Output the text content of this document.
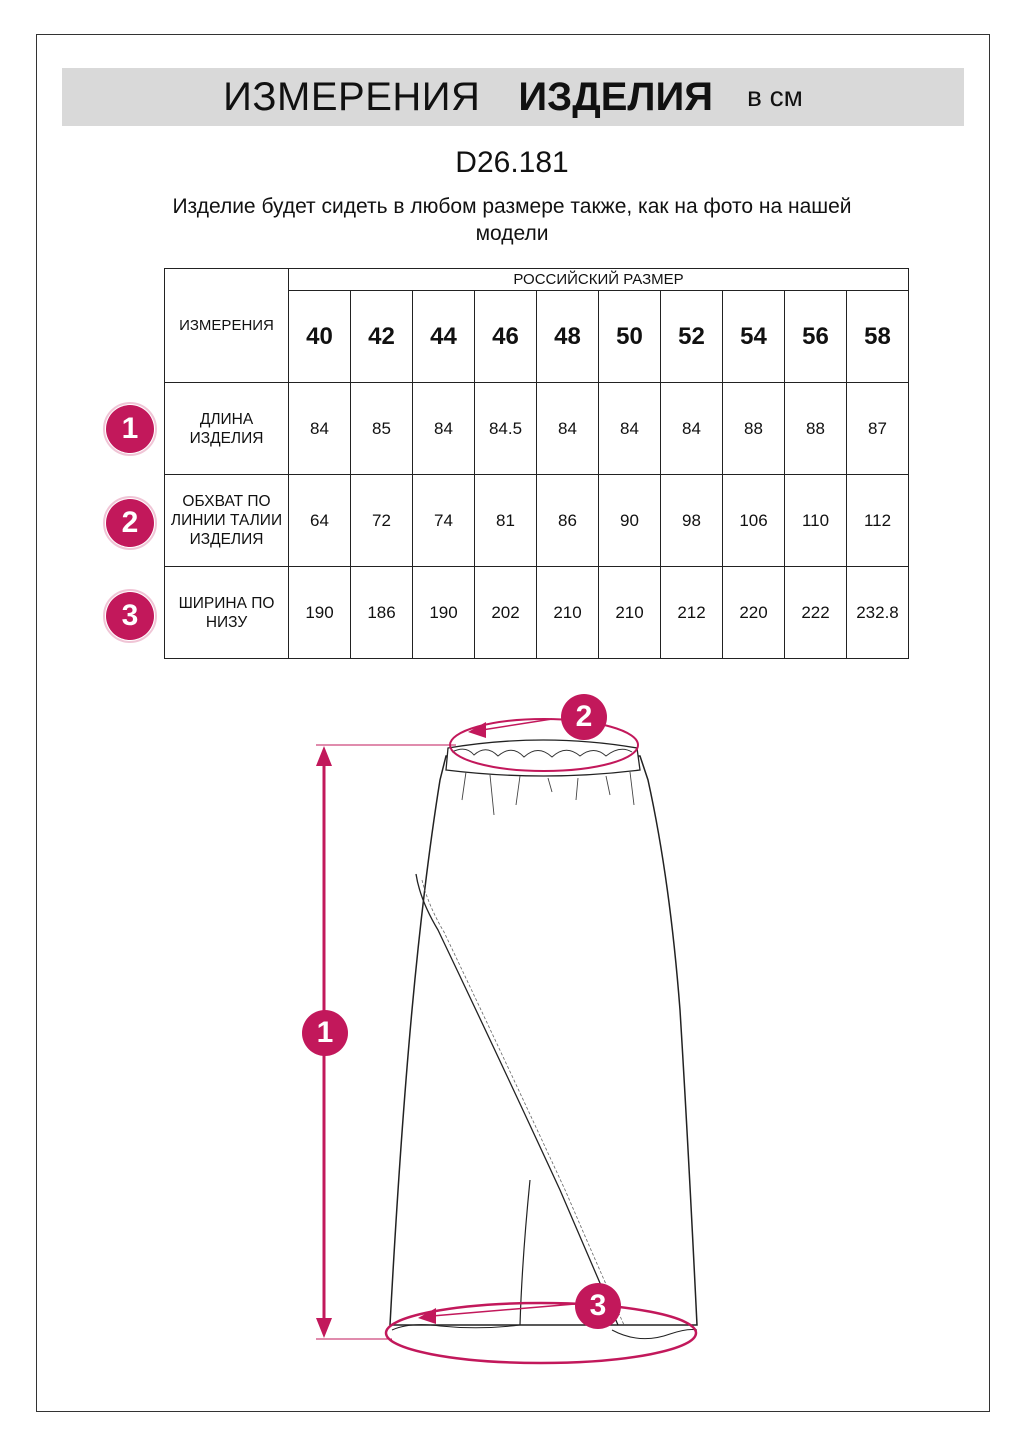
ИЗМЕРЕНИЯ ИЗДЕЛИЯ в см
D26.181
Изделие будет сидеть в любом размере также, как на фото на нашей модели
ИЗМЕРЕНИЯ	РОССИЙСКИЙ РАЗМЕР									
	40	42	44	46	48	50	52	54	56	58
ДЛИНА ИЗДЕЛИЯ	84	85	84	84.5	84	84	84	88	88	87
ОБХВАТ ПО ЛИНИИ ТАЛИИ ИЗДЕЛИЯ	64	72	74	81	86	90	98	106	110	112
ШИРИНА ПО НИЗУ	190	186	190	202	210	210	212	220	222	232.8
1
2
3
1
2
3
